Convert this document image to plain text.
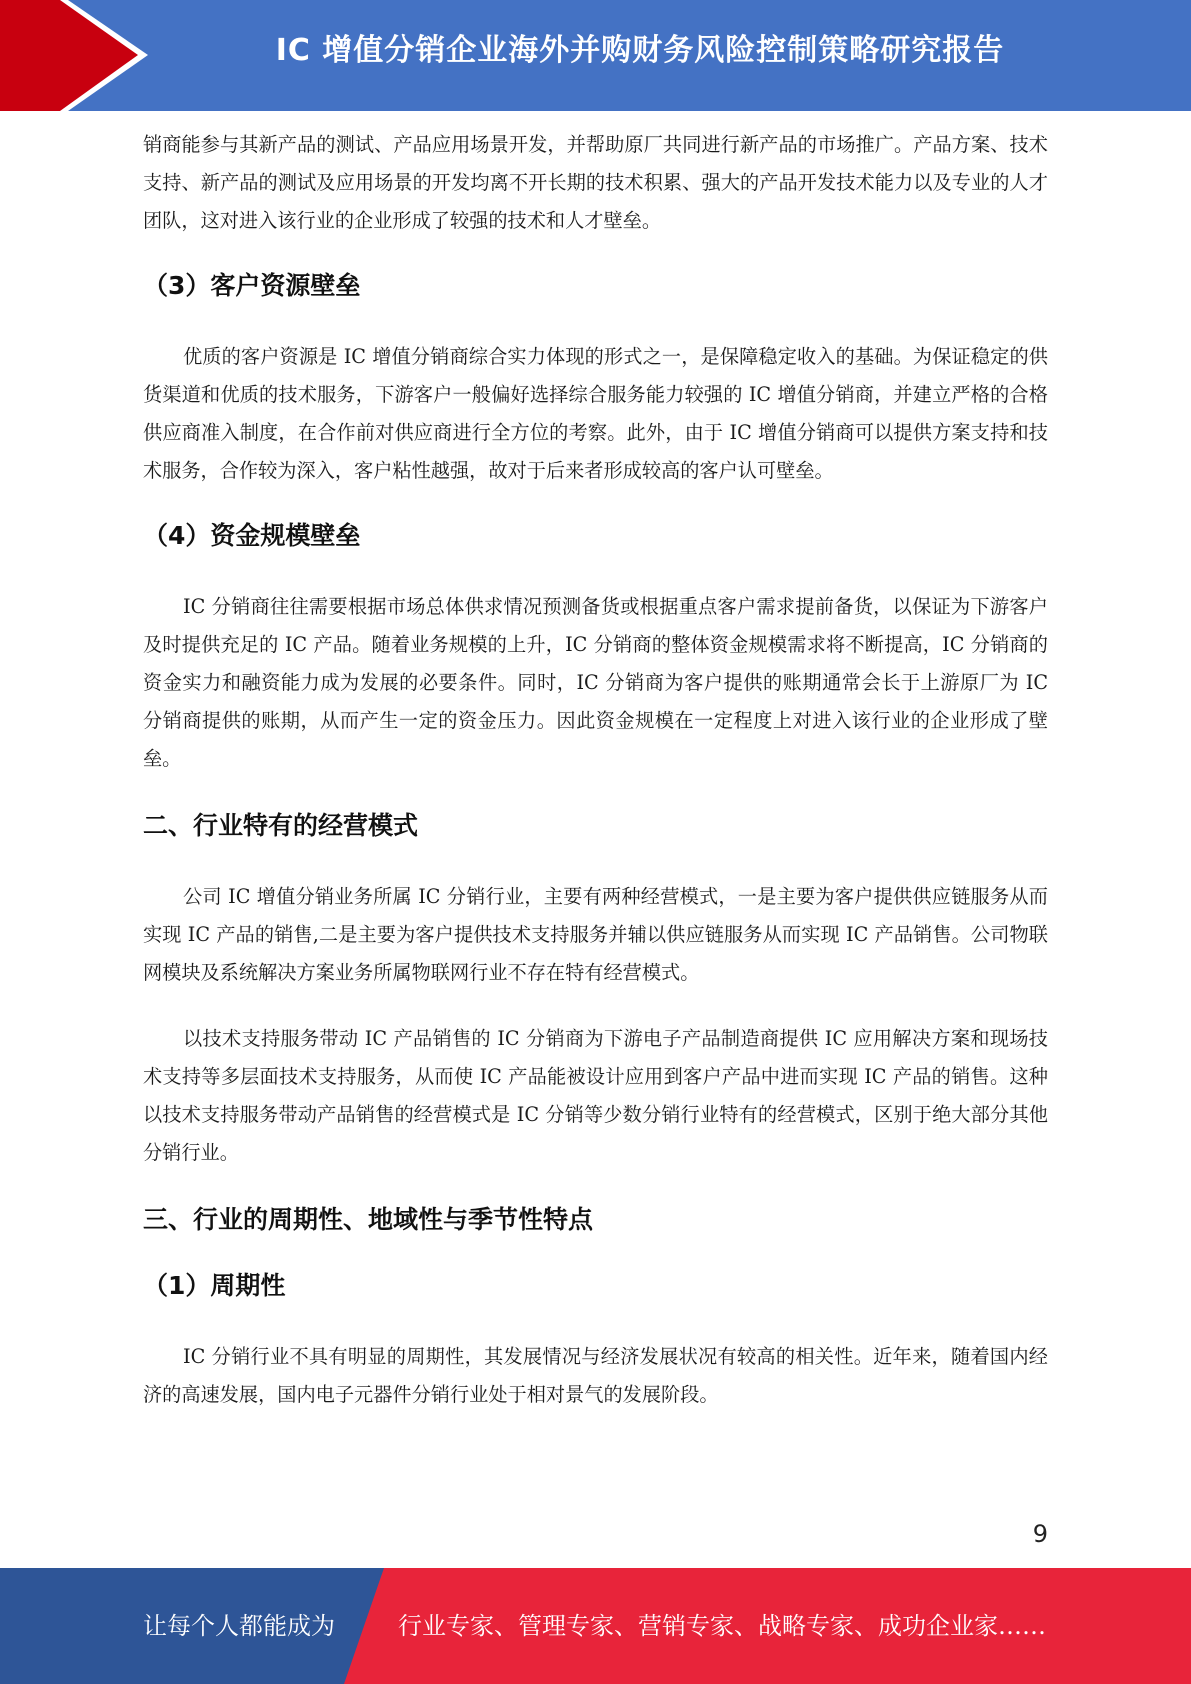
IC 增值分销企业海外并购财务风险控制策略研究报告

销商能参与其新产品的测试、产品应用场景开发，并帮助原厂共同进行新产品的市场推广。产品方案、技术支持、新产品的测试及应用场景的开发均离不开长期的技术积累、强大的产品开发技术能力以及专业的人才团队，这对进入该行业的企业形成了较强的技术和人才壁垒。

（3）客户资源壁垒

优质的客户资源是 IC 增值分销商综合实力体现的形式之一，是保障稳定收入的基础。为保证稳定的供货渠道和优质的技术服务，下游客户一般偏好选择综合服务能力较强的 IC 增值分销商，并建立严格的合格供应商准入制度，在合作前对供应商进行全方位的考察。此外，由于 IC 增值分销商可以提供方案支持和技术服务，合作较为深入，客户粘性越强，故对于后来者形成较高的客户认可壁垒。

（4）资金规模壁垒

IC 分销商往往需要根据市场总体供求情况预测备货或根据重点客户需求提前备货，以保证为下游客户及时提供充足的 IC 产品。随着业务规模的上升，IC 分销商的整体资金规模需求将不断提高，IC 分销商的资金实力和融资能力成为发展的必要条件。同时，IC 分销商为客户提供的账期通常会长于上游原厂为 IC 分销商提供的账期，从而产生一定的资金压力。因此资金规模在一定程度上对进入该行业的企业形成了壁垒。

二、行业特有的经营模式

公司 IC 增值分销业务所属 IC 分销行业，主要有两种经营模式，一是主要为客户提供供应链服务从而实现 IC 产品的销售,二是主要为客户提供技术支持服务并辅以供应链服务从而实现 IC 产品销售。公司物联网模块及系统解决方案业务所属物联网行业不存在特有经营模式。

以技术支持服务带动 IC 产品销售的 IC 分销商为下游电子产品制造商提供 IC 应用解决方案和现场技术支持等多层面技术支持服务，从而使 IC 产品能被设计应用到客户产品中进而实现 IC 产品的销售。这种以技术支持服务带动产品销售的经营模式是 IC 分销等少数分销行业特有的经营模式，区别于绝大部分其他分销行业。

三、行业的周期性、地域性与季节性特点
（1）周期性

IC 分销行业不具有明显的周期性，其发展情况与经济发展状况有较高的相关性。近年来，随着国内经济的高速发展，国内电子元器件分销行业处于相对景气的发展阶段。

9
让每个人都能成为	行业专家、管理专家、营销专家、战略专家、成功企业家……
